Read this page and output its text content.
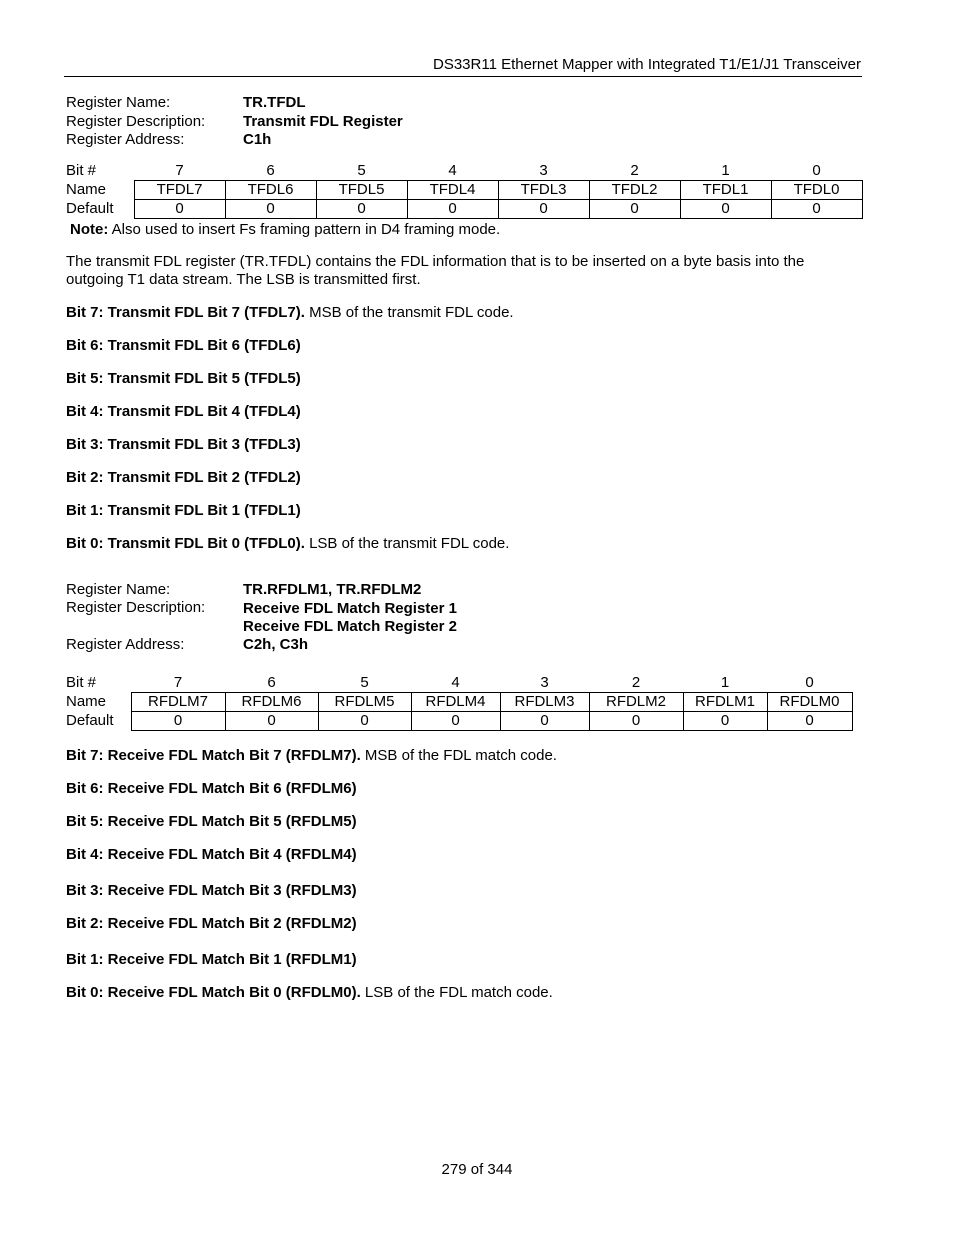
DS33R11 Ethernet Mapper with Integrated T1/E1/J1 Transceiver
Register Name:	TR.TFDL
Register Description:	Transmit FDL Register
Register Address:	C1h
Bit #	7	6	5	4	3	2	1	0
Name	TFDL7	TFDL6	TFDL5	TFDL4	TFDL3	TFDL2	TFDL1	TFDL0
Default	0	0	0	0	0	0	0	0
Note: Also used to insert Fs framing pattern in D4 framing mode.
The transmit FDL register (TR.TFDL) contains the FDL information that is to be inserted on a byte basis into the outgoing T1 data stream. The LSB is transmitted first.
Bit 7: Transmit FDL Bit 7 (TFDL7). MSB of the transmit FDL code.
Bit 6: Transmit FDL Bit 6 (TFDL6)
Bit 5: Transmit FDL Bit 5 (TFDL5)
Bit 4: Transmit FDL Bit 4 (TFDL4)
Bit 3: Transmit FDL Bit 3 (TFDL3)
Bit 2: Transmit FDL Bit 2 (TFDL2)
Bit 1: Transmit FDL Bit 1 (TFDL1)
Bit 0: Transmit FDL Bit 0 (TFDL0). LSB of the transmit FDL code.
Register Name:	TR.RFDLM1, TR.RFDLM2
Register Description:	Receive FDL Match Register 1
Receive FDL Match Register 2
Register Address:	C2h, C3h
Bit #	7	6	5	4	3	2	1	0
Name	RFDLM7	RFDLM6	RFDLM5	RFDLM4	RFDLM3	RFDLM2	RFDLM1	RFDLM0
Default	0	0	0	0	0	0	0	0
Bit 7: Receive FDL Match Bit 7 (RFDLM7). MSB of the FDL match code.
Bit 6: Receive FDL Match Bit 6 (RFDLM6)
Bit 5: Receive FDL Match Bit 5 (RFDLM5)
Bit 4: Receive FDL Match Bit 4 (RFDLM4)
Bit 3: Receive FDL Match Bit 3 (RFDLM3)
Bit 2: Receive FDL Match Bit 2 (RFDLM2)
Bit 1: Receive FDL Match Bit 1 (RFDLM1)
Bit 0: Receive FDL Match Bit 0 (RFDLM0). LSB of the FDL match code.
279 of 344
